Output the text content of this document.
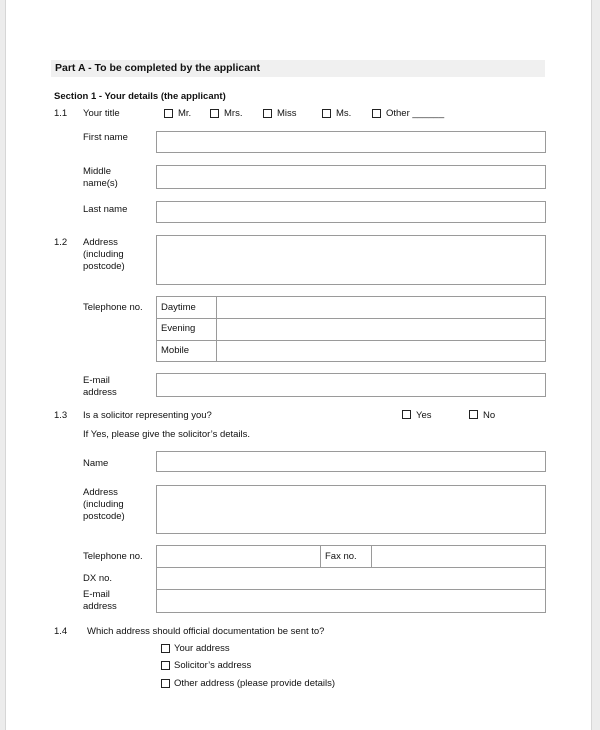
Part A - To be completed by the applicant
Section 1 - Your details (the applicant)
1.1 Your title	Mr.	Mrs.	Miss	Ms.	Other ______
First name
Middle name(s)
Last name
1.2 Address (including postcode)
Telephone no. Daytime
Evening
Mobile
E-mail address
1.3 Is a solicitor representing you?	Yes	No
If Yes, please give the solicitor’s details.
Name
Address (including postcode)
Telephone no.	Fax no.
DX no.
E-mail address
1.4 Which address should official documentation be sent to?
Your address
Solicitor’s address
Other address (please provide details)
